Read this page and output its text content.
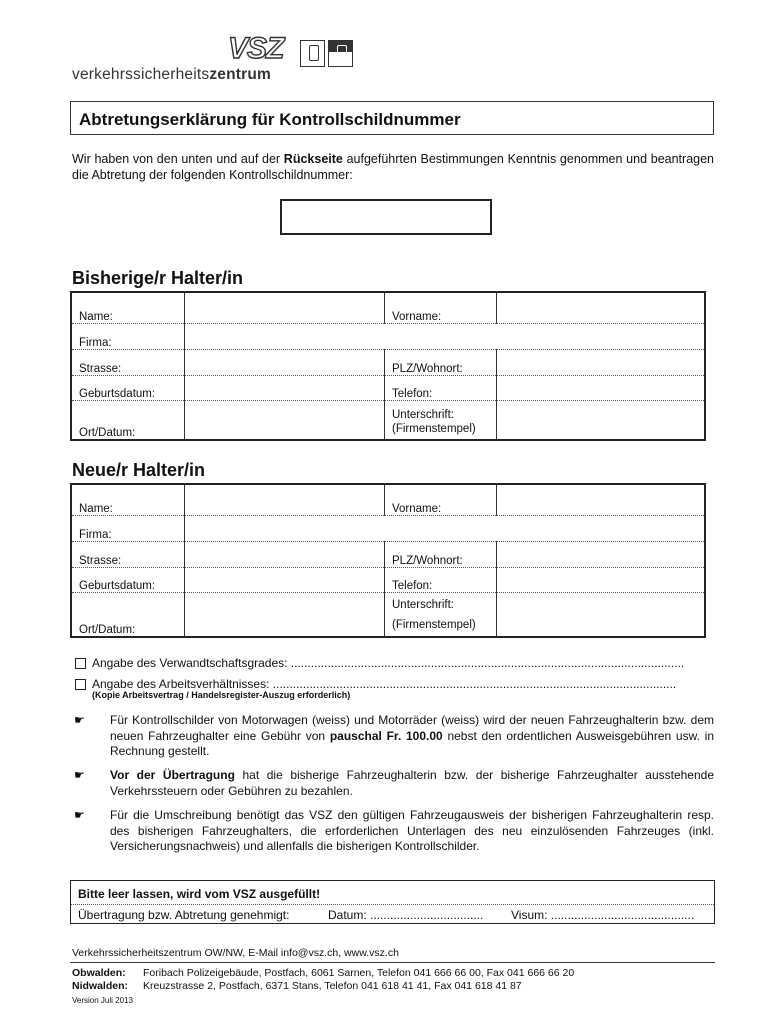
VSZ
verkehrssicherheitszentrum
Abtretungserklärung für Kontrollschildnummer
Wir haben von den unten und auf der Rückseite aufgeführten Bestimmungen Kenntnis genommen und beantragen die Abtretung der folgenden Kontrollschildnummer:
Bisherige/r Halter/in
Name:		Vorname:	
Firma:			
Strasse:		PLZ/Wohnort:	
Geburtsdatum:		Telefon:	
Ort/Datum:		Unterschrift:
(Firmenstempel)	
Neue/r Halter/in
Name:		Vorname:	
Firma:			
Strasse:		PLZ/Wohnort:	
Geburtsdatum:		Telefon:	
Ort/Datum:		Unterschrift:
(Firmenstempel)	
Angabe des Verwandtschaftsgrades: ......................................................................................................................
Angabe des Arbeitsverhältnisses: .........................................................................................................................
(Kopie Arbeitsvertrag / Handelsregister-Auszug erforderlich)
☛ Für Kontrollschilder von Motorwagen (weiss) und Motorräder (weiss) wird der neuen Fahrzeughalterin bzw. dem neuen Fahrzeughalter eine Gebühr von pauschal Fr. 100.00 nebst den ordentlichen Ausweisgebühren usw. in Rechnung gestellt.
☛ Vor der Übertragung hat die bisherige Fahrzeughalterin bzw. der bisherige Fahrzeughalter ausstehende Verkehrssteuern oder Gebühren zu bezahlen.
☛ Für die Umschreibung benötigt das VSZ den gültigen Fahrzeugausweis der bisherigen Fahrzeughalterin resp. des bisherigen Fahrzeughalters, die erforderlichen Unterlagen des neu einzulösenden Fahrzeuges (inkl. Versicherungsnachweis) und allenfalls die bisherigen Kontrollschilder.
Bitte leer lassen, wird vom VSZ ausgefüllt!
Übertragung bzw. Abtretung genehmigt:	Datum: .................................. Visum: ...........................................
Verkehrssicherheitszentrum OW/NW, E-Mail info@vsz.ch, www.vsz.ch
Obwalden: Foribach Polizeigebäude, Postfach, 6061 Sarnen, Telefon 041 666 66 00, Fax 041 666 66 20
Nidwalden: Kreuzstrasse 2, Postfach, 6371 Stans, Telefon 041 618 41 41, Fax 041 618 41 87
Version Juli 2013
